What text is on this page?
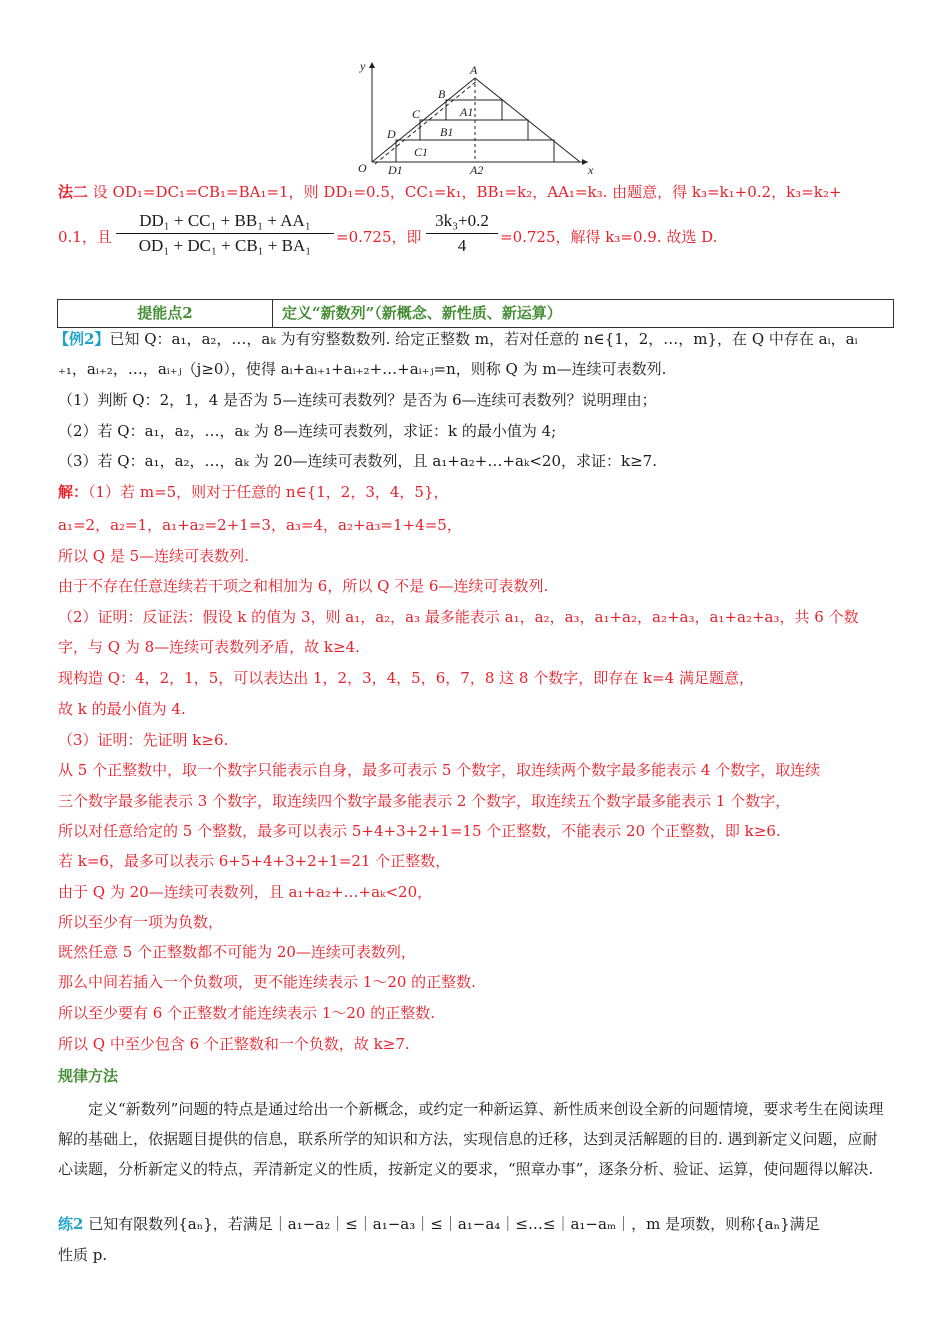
y
x
O
A
B
C
D
A1
B1
C1
D1	A2
法二 设 OD₁=DC₁=CB₁=BA₁=1，则 DD₁=0.5，CC₁=k₁，BB₁=k₂，AA₁=k₃. 由题意，得 k₃=k₁+0.2，k₃=k₂+
0.1，且
DD₁ + CC₁ + BB₁ + AA₁
OD₁ + DC₁ + CB₁ + BA₁	=0.725，即
3k₃+0.2
4	=0.725，解得 k₃=0.9. 故选 D.
提能点2	定义“新数列”（新概念、新性质、新运算）
【例2】已知 Q：a₁，a₂，…，aₖ 为有穷整数数列. 给定正整数 m，若对任意的 n∈{1，2，…，m}，在 Q 中存在 aᵢ，aᵢ
₊₁，aᵢ₊₂，…，aᵢ₊ⱼ（j≥0），使得 aᵢ+aᵢ₊₁+aᵢ₊₂+…+aᵢ₊ⱼ=n，则称 Q 为 m—连续可表数列.
（1）判断 Q：2，1，4 是否为 5—连续可表数列？是否为 6—连续可表数列？说明理由；
（2）若 Q：a₁，a₂，…，aₖ 为 8—连续可表数列，求证：k 的最小值为 4;
（3）若 Q：a₁，a₂，…，aₖ 为 20—连续可表数列，且 a₁+a₂+…+aₖ<20，求证：k≥7.
解：（1）若 m=5，则对于任意的 n∈{1，2，3，4，5}，
a₁=2，a₂=1，a₁+a₂=2+1=3，a₃=4，a₂+a₃=1+4=5，
所以 Q 是 5—连续可表数列.
由于不存在任意连续若干项之和相加为 6，所以 Q 不是 6—连续可表数列.
（2）证明：反证法：假设 k 的值为 3，则 a₁，a₂，a₃ 最多能表示 a₁，a₂，a₃，a₁+a₂，a₂+a₃，a₁+a₂+a₃，共 6 个数
字，与 Q 为 8—连续可表数列矛盾，故 k≥4.
现构造 Q：4，2，1，5，可以表达出 1，2，3，4，5，6，7，8 这 8 个数字，即存在 k=4 满足题意，
故 k 的最小值为 4.
（3）证明：先证明 k≥6.
从 5 个正整数中，取一个数字只能表示自身，最多可表示 5 个数字，取连续两个数字最多能表示 4 个数字，取连续
三个数字最多能表示 3 个数字，取连续四个数字最多能表示 2 个数字，取连续五个数字最多能表示 1 个数字，
所以对任意给定的 5 个整数，最多可以表示 5+4+3+2+1=15 个正整数，不能表示 20 个正整数，即 k≥6.
若 k=6，最多可以表示 6+5+4+3+2+1=21 个正整数，
由于 Q 为 20—连续可表数列，且 a₁+a₂+…+aₖ<20，
所以至少有一项为负数，
既然任意 5 个正整数都不可能为 20—连续可表数列，
那么中间若插入一个负数项，更不能连续表示 1～20 的正整数.
所以至少要有 6 个正整数才能连续表示 1～20 的正整数.
所以 Q 中至少包含 6 个正整数和一个负数，故 k≥7.
规律方法
定义“新数列”问题的特点是通过给出一个新概念，或约定一种新运算、新性质来创设全新的问题情境，要求考生在阅读理解的基础上，依据题目提供的信息，联系所学的知识和方法，实现信息的迁移，达到灵活解题的目的. 遇到新定义问题，应耐心读题，分析新定义的特点，弄清新定义的性质，按新定义的要求，“照章办事”，逐条分析、验证、运算，使问题得以解决.
练2 已知有限数列{aₙ}，若满足｜a₁−a₂｜≤｜a₁−a₃｜≤｜a₁−a₄｜≤…≤｜a₁−aₘ｜，m 是项数，则称{aₙ}满足
性质 p.
